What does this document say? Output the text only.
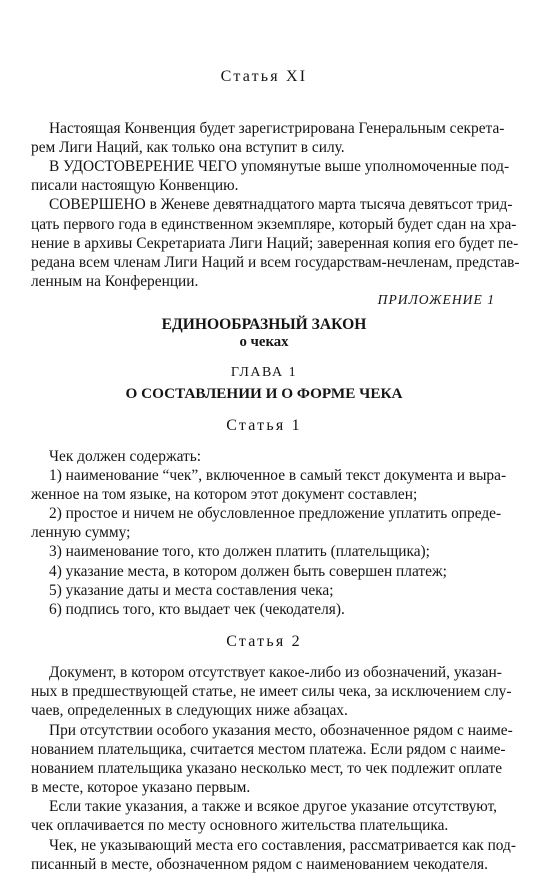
Статья XI

Настоящая Конвенция будет зарегистрирована Генеральным секрета-

рем Лиги Наций, как только она вступит в силу.

В УДОСТОВЕРЕНИЕ ЧЕГО упомянутые выше уполномоченные под-

писали настоящую Конвенцию.

СОВЕРШЕНО в Женеве девятнадцатого марта тысяча девятьсот трид-

цать первого года в единственном экземпляре, который будет сдан на хра-

нение в архивы Секретариата Лиги Наций; заверенная копия его будет пе-

редана всем членам Лиги Наций и всем государствам-нечленам, представ-

ленным на Конференции.

ПРИЛОЖЕНИЕ 1
ЕДИНООБРАЗНЫЙ ЗАКОН
о чеках
ГЛАВА 1
О СОСТАВЛЕНИИ И О ФОРМЕ ЧЕКА
Статья 1

Чек должен содержать:

1) наименование “чек”, включенное в самый текст документа и выра-

женное на том языке, на котором этот документ составлен;

2) простое и ничем не обусловленное предложение уплатить опреде-

ленную сумму;

3) наименование того, кто должен платить (плательщика);

4) указание места, в котором должен быть совершен платеж;

5) указание даты и места составления чека;

6) подпись того, кто выдает чек (чекодателя).

Статья 2

Документ, в котором отсутствует какое-либо из обозначений, указан-

ных в предшествующей статье, не имеет силы чека, за исключением слу-

чаев, определенных в следующих ниже абзацах.

При отсутствии особого указания место, обозначенное рядом с наиме-

нованием плательщика, считается местом платежа. Если рядом с наиме-

нованием плательщика указано несколько мест, то чек подлежит оплате

в месте, которое указано первым.

Если такие указания, а также и всякое другое указание отсутствуют,

чек оплачивается по месту основного жительства плательщика.

Чек, не указывающий места его составления, рассматривается как под-

писанный в месте, обозначенном рядом с наименованием чекодателя.
